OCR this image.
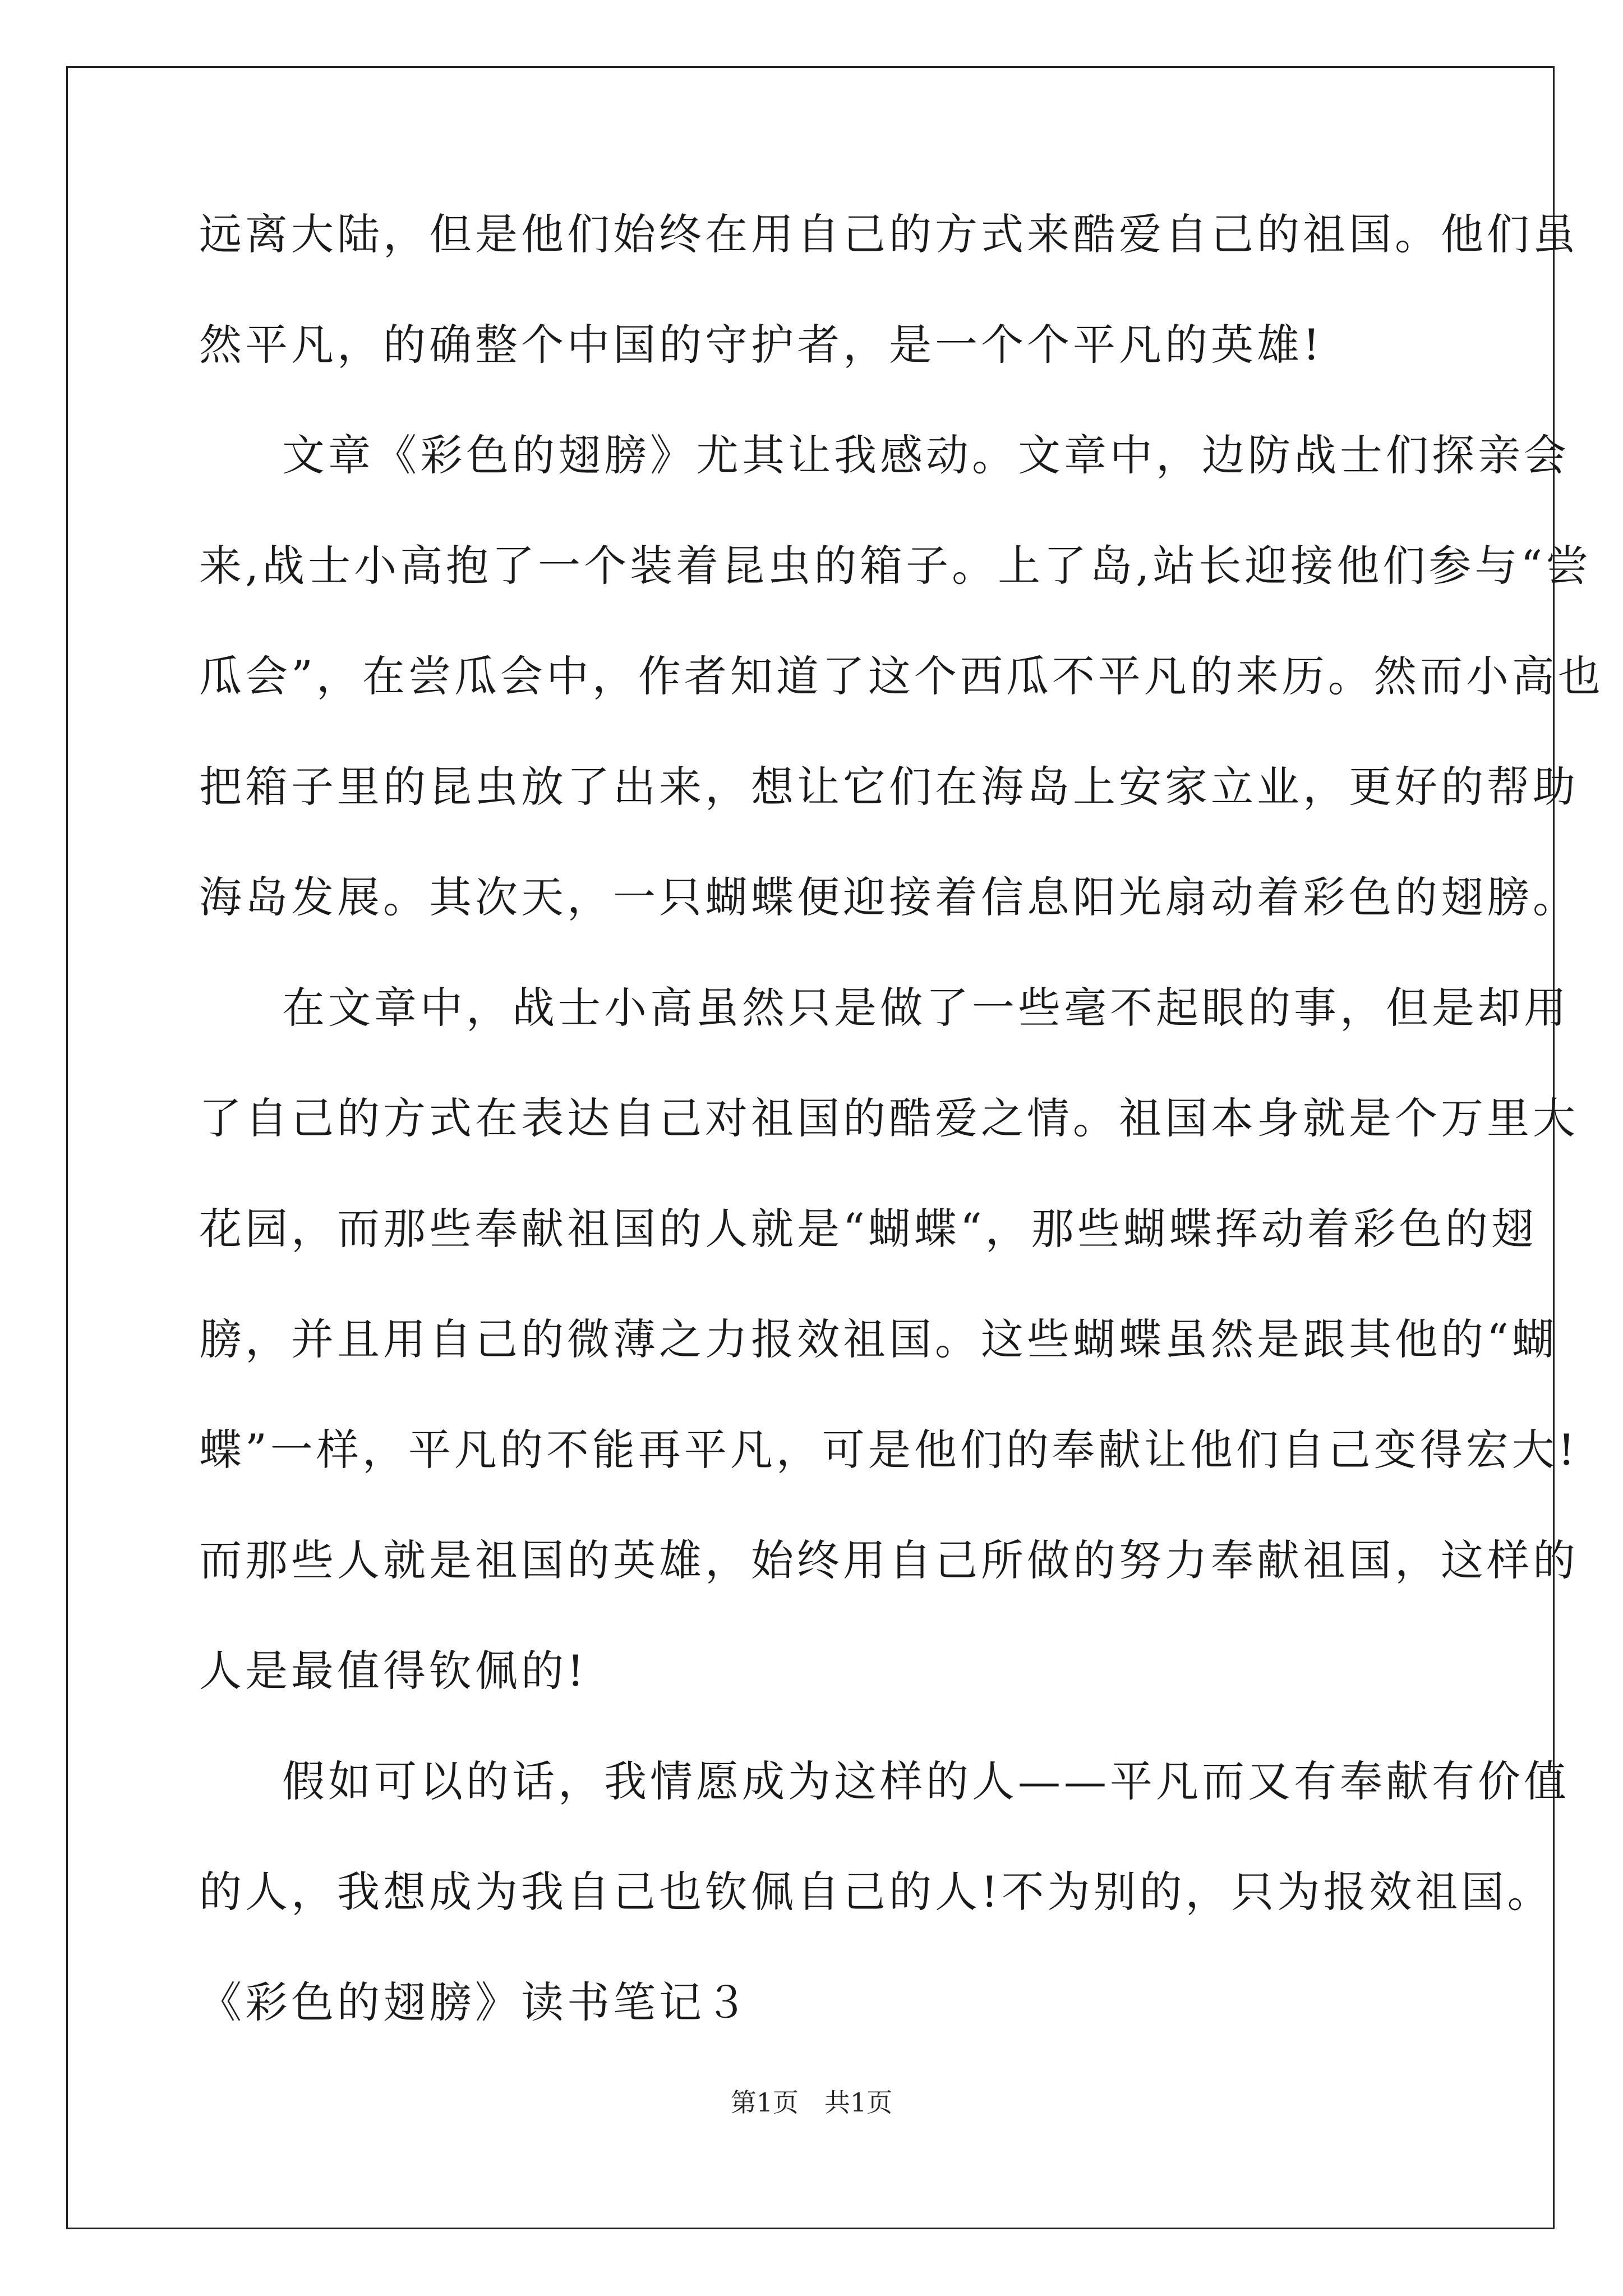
远离大陆，但是他们始终在用自己的方式来酷爱自己的祖国。他们虽
然平凡，的确整个中国的守护者，是一个个平凡的英雄!
文章《彩色的翅膀》尤其让我感动。文章中，边防战士们探亲会
来,战士小高抱了一个装着昆虫的箱子。上了岛,站长迎接他们参与“尝
瓜会”，在尝瓜会中，作者知道了这个西瓜不平凡的来历。然而小高也
把箱子里的昆虫放了出来，想让它们在海岛上安家立业，更好的帮助
海岛发展。其次天，一只蝴蝶便迎接着信息阳光扇动着彩色的翅膀。
在文章中，战士小高虽然只是做了一些毫不起眼的事，但是却用
了自己的方式在表达自己对祖国的酷爱之情。祖国本身就是个万里大
花园，而那些奉献祖国的人就是“蝴蝶“，那些蝴蝶挥动着彩色的翅
膀，并且用自己的微薄之力报效祖国。这些蝴蝶虽然是跟其他的“蝴
蝶”一样，平凡的不能再平凡，可是他们的奉献让他们自己变得宏大!
而那些人就是祖国的英雄，始终用自己所做的努力奉献祖国，这样的
人是最值得钦佩的!
假如可以的话，我情愿成为这样的人——平凡而又有奉献有价值
的人，我想成为我自己也钦佩自己的人!不为别的，只为报效祖国。
《彩色的翅膀》读书笔记３
第1页　共1页
